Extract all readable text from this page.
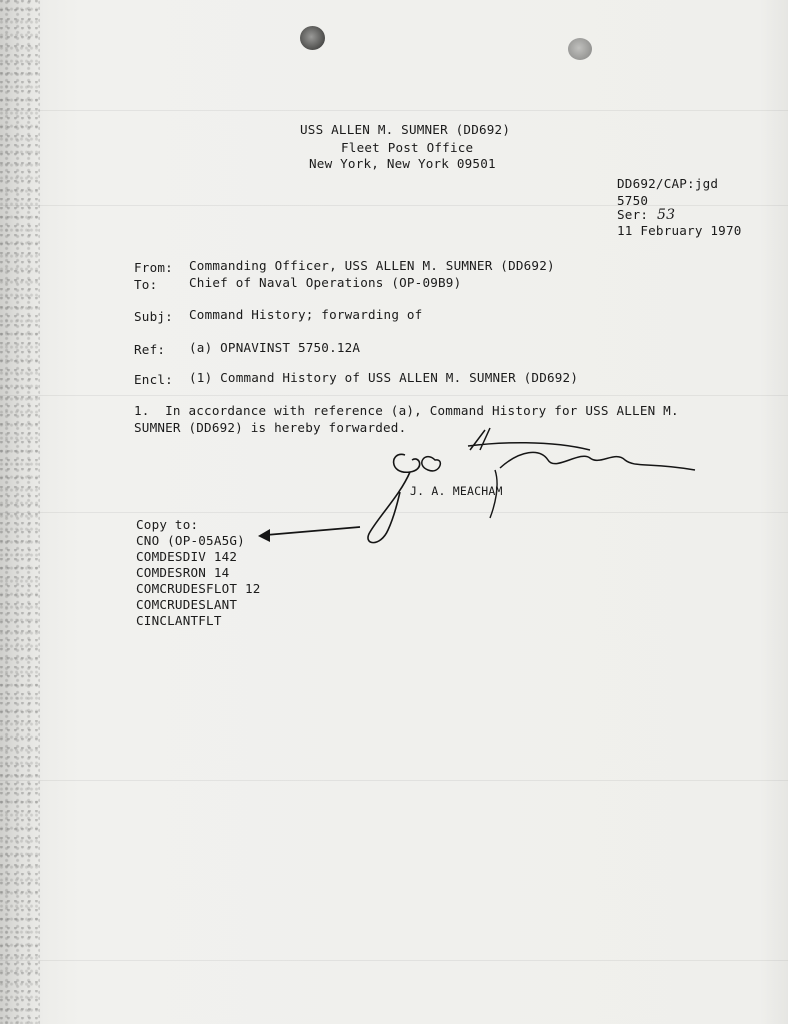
USS ALLEN M. SUMNER (DD692)
Fleet Post Office
New York, New York 09501
DD692/CAP:jgd
5750
Ser: 53
11 February 1970
From: Commanding Officer, USS ALLEN M. SUMNER (DD692)
To:	Chief of Naval Operations (OP-09B9)
Subj: Command History; forwarding of
Ref: (a) OPNAVINST 5750.12A
Encl: (1) Command History of USS ALLEN M. SUMNER (DD692)
1.  In accordance with reference (a), Command History for USS ALLEN M.
SUMNER (DD692) is hereby forwarded.
J. A. MEACHAM
Copy to:
CNO (OP-05A5G)
COMDESDIV 142
COMDESRON 14
COMCRUDESFLOT 12
COMCRUDESLANT
CINCLANTFLT
